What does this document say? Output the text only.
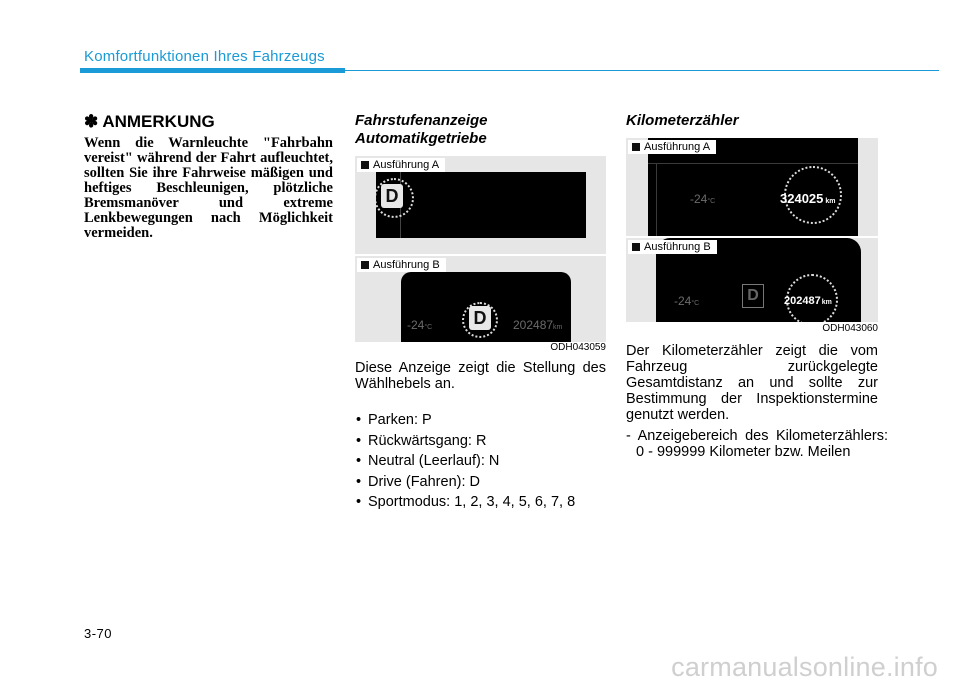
Komfortfunktionen Ihres Fahrzeugs
✽ ANMERKUNG
Wenn die Warnleuchte "Fahrbahn vereist" während der Fahrt aufleuchtet, sollten Sie ihre Fahrweise mäßigen und heftiges Beschleunigen, plötzliche Bremsmanöver und extreme Lenkbewegungen nach Möglichkeit vermeiden.
Fahrstufenanzeige
Automatikgetriebe
D
Ausführung A
-24°C D	202487km
Ausführung B
ODH043059
Diese Anzeige zeigt die Stellung des Wählhebels an.
• Parken: P
• Rückwärtsgang: R
• Neutral (Leerlauf): N
• Drive (Fahren): D
• Sportmodus: 1, 2, 3, 4, 5, 6, 7, 8
Kilometerzähler
-24°C	324025 km
Ausführung A
-24°C	D	202487km
Ausführung B
ODH043060
Der Kilometerzähler zeigt die vom Fahrzeug zurückgelegte Gesamtdistanz an und sollte zur Bestimmung der Inspektionstermine genutzt werden.
- Anzeigebereich des Kilometerzählers: 0 - 999999 Kilometer bzw. Meilen
3-70
carmanualsonline.info
